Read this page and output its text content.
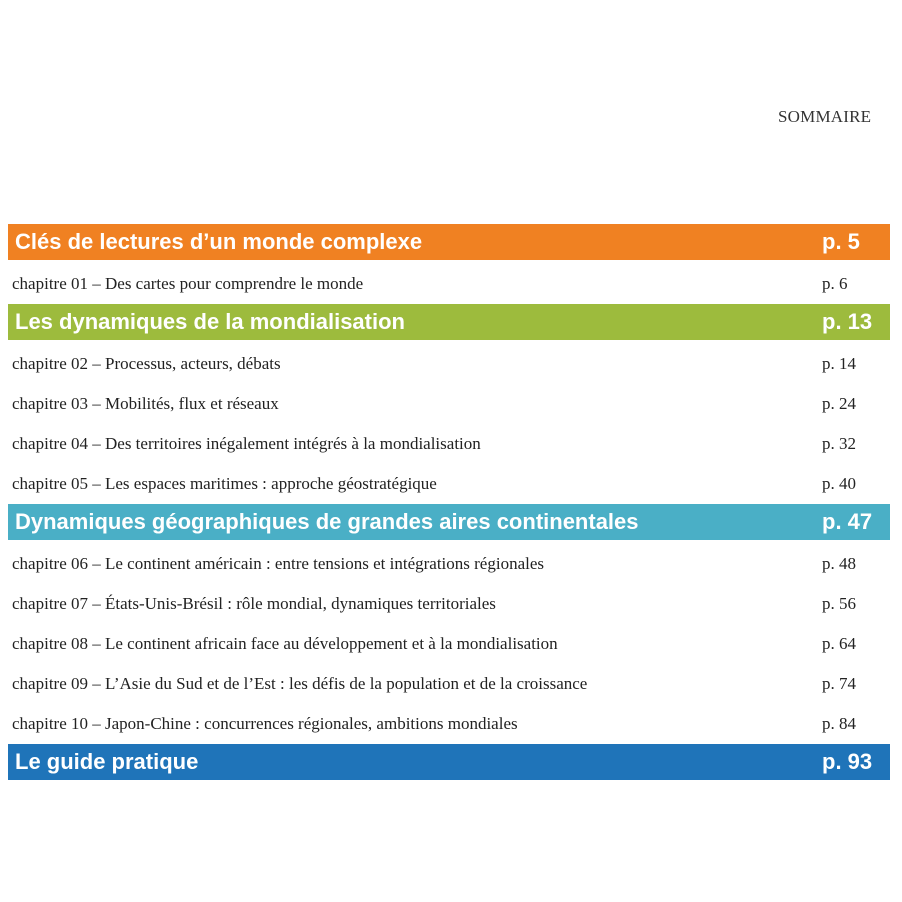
SOMMAIRE
Clés de lectures d’un monde complexe	p. 5
chapitre 01 – Des cartes pour comprendre le monde	p. 6
Les dynamiques de la mondialisation	p. 13
chapitre 02 – Processus, acteurs, débats	p. 14
chapitre 03 – Mobilités, flux et réseaux	p. 24
chapitre 04 – Des territoires inégalement intégrés à la mondialisation	p. 32
chapitre 05 – Les espaces maritimes : approche géostratégique	p. 40
Dynamiques géographiques de grandes aires continentales	p. 47
chapitre 06 – Le continent américain : entre tensions et intégrations régionales	p. 48
chapitre 07 – États-Unis-Brésil : rôle mondial, dynamiques territoriales	p. 56
chapitre 08 – Le continent africain face au développement et à la mondialisation	p. 64
chapitre 09 – L’Asie du Sud et de l’Est : les défis de la population et de la croissance	p. 74
chapitre 10 – Japon-Chine : concurrences régionales, ambitions mondiales	p. 84
Le guide pratique	p. 93
